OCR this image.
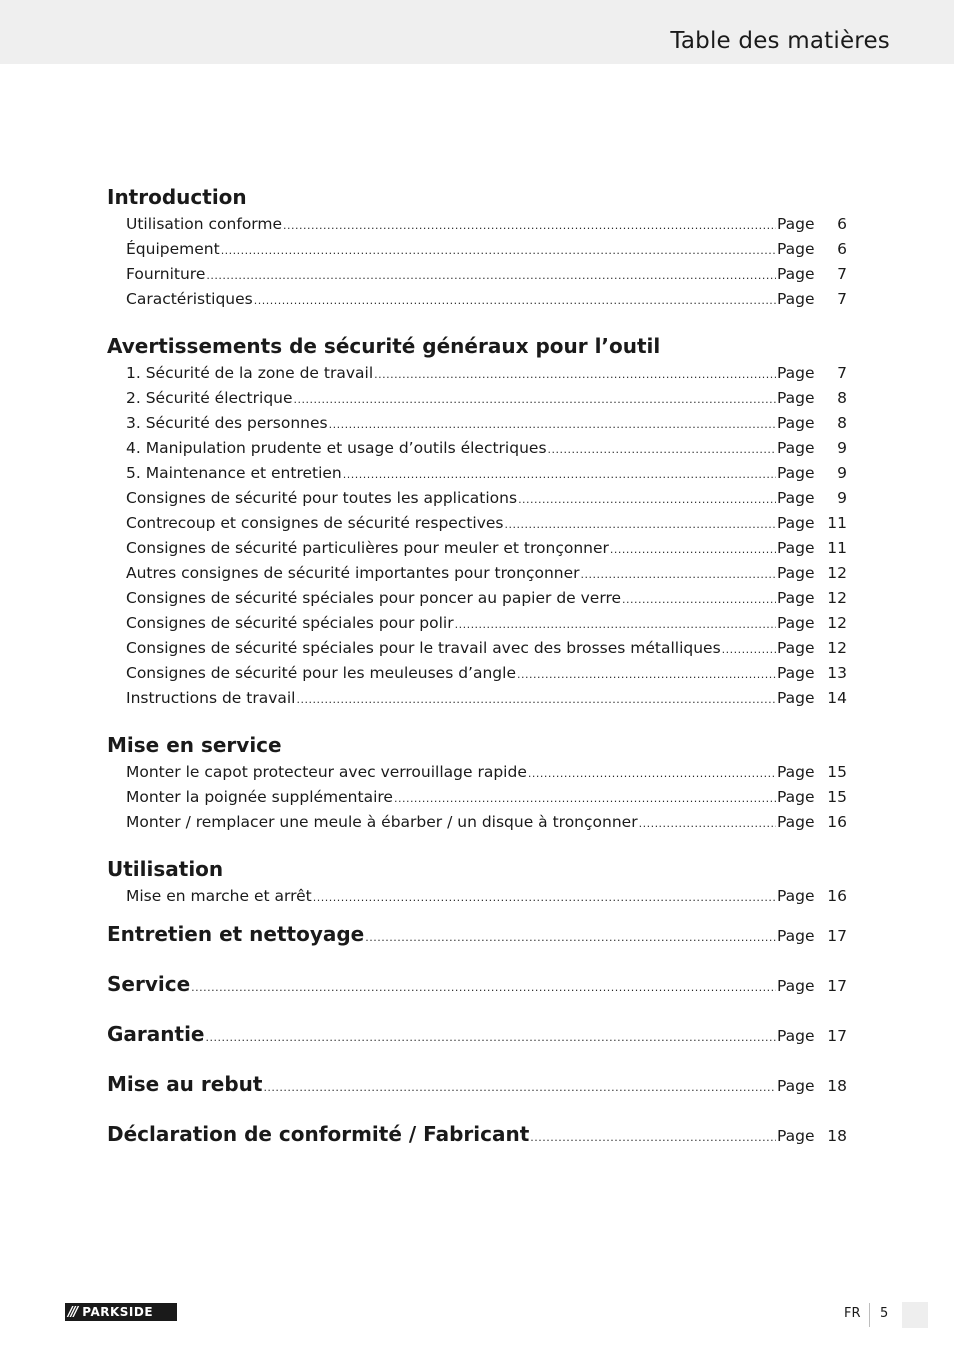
Table des matières
Introduction
Utilisation conforme .....	Page	6
Équipement .....	Page	6
Fourniture .....	Page	7
Caractéristiques .....	Page	7
Avertissements de sécurité généraux pour l’outil
1. Sécurité de la zone de travail .....	Page	7
2. Sécurité électrique .....	Page	8
3. Sécurité des personnes .....	Page	8
4. Manipulation prudente et usage d’outils électriques .....	Page	9
5. Maintenance et entretien .....	Page	9
Consignes de sécurité pour toutes les applications .....	Page	9
Contrecoup et consignes de sécurité respectives .....	Page 11
Consignes de sécurité particulières pour meuler et tronçonner .....	Page 11
Autres consignes de sécurité importantes pour tronçonner .....	Page 12
Consignes de sécurité spéciales pour poncer au papier de verre .....	Page 12
Consignes de sécurité spéciales pour polir .....	Page 12
Consignes de sécurité spéciales pour le travail avec des brosses métalliques .....	Page 12
Consignes de sécurité pour les meuleuses d’angle .....	Page 13
Instructions de travail .....	Page 14
Mise en service
Monter le capot protecteur avec verrouillage rapide .....	Page 15
Monter la poignée supplémentaire .....	Page 15
Monter / remplacer une meule à ébarber / un disque à tronçonner .....	Page 16
Utilisation
Mise en marche et arrêt .....	Page 16
Entretien et nettoyage .....	Page 17
Service .....	Page 17
Garantie .....	Page 17
Mise au rebut .....	Page 18
Déclaration de conformité / Fabricant .....	Page 18
/// PARKSIDE	FR 5
